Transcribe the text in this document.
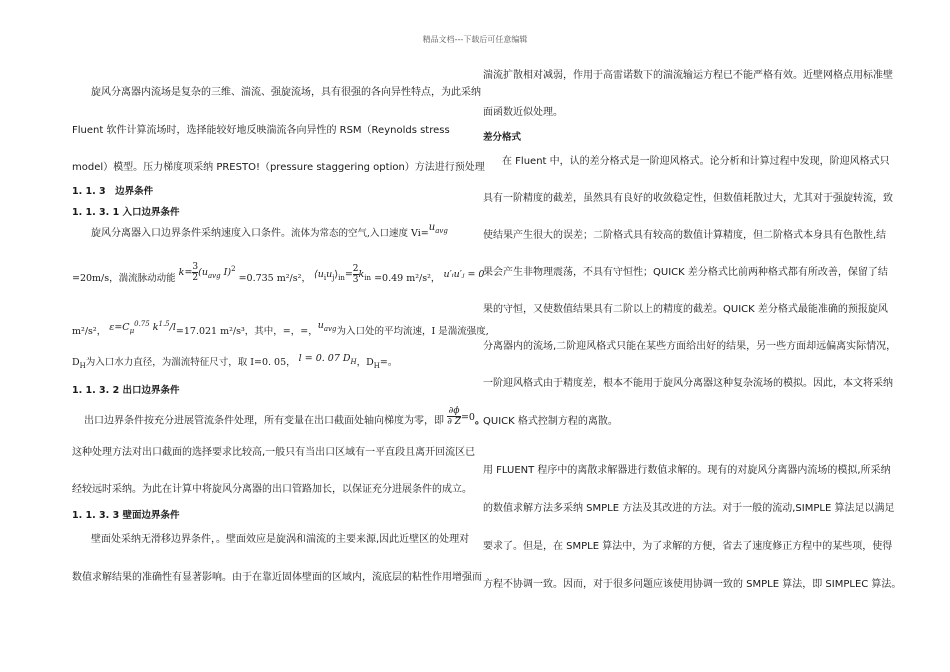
精品文档---下载后可任意编辑
旋风分离器内流场是复杂的三维、湍流、强旋流场，具有很强的各向异性特点，为此采纳
Fluent 软件计算流场时，选择能较好地反映湍流各向异性的 RSM（Reynolds stress
model）模型。压力梯度项采纳 PRESTO!（pressure staggering option）方法进行预处理
1. 1. 3　边界条件
1. 1. 3. 1 入口边界条件
旋风分离器入口边界条件采纳速度入口条件。流体为常态的空气,入口速度 $Vi=u_{avg}$
=20m/s，湍流脉动动能 $k= \frac{3}{2} (u_{avg}$ I)$^2$ =0.735 m²/s²， $⟨u_iu_j⟩_{in}= \frac{2}{3} k_{in} =0.49$ m²/s²， u′ᵢu′ⱼ = 0
m²/s²， $\varepsilon=C_\mu^{0.75}$ $k^{1.5}/l=17.021$ m²/s³，其中，=，=，$u_{avg}$为入口处的平均流速，I 是湍流强度,
$D_H$为入口水力直径，为湍流特征尺寸，取 I=0. 05， l = 0. 07 $D_H$，$D_H=$。
1. 1. 3. 2 出口边界条件
出口边界条件按充分进展管流条件处理，所有变量在出口截面处轴向梯度为零，即 $\frac{\partial\phi}{\partial Z} =0$。
这种处理方法对出口截面的选择要求比较高,一般只有当出口区域有一平直段且离开回流区已
经较远时采纳。为此在计算中将旋风分离器的出口管路加长，以保证充分进展条件的成立。
1. 1. 3. 3 壁面边界条件
壁面处采纳无滑移边界条件，。壁面效应是旋涡和湍流的主要来源,因此近壁区的处理对
数值求解结果的准确性有显著影响。由于在靠近固体壁面的区域内，流底层的粘性作用增强而
湍流扩散相对减弱，作用于高雷诺数下的湍流输运方程已不能严格有效。近壁网格点用标准壁
面函数近似处理。
差分格式
在 Fluent 中，认的差分格式是一阶迎风格式。论分析和计算过程中发现，阶迎风格式只
具有一阶精度的截差，虽然具有良好的收敛稳定性，但数值耗散过大，尤其对于强旋转流，致
使结果产生很大的误差；二阶格式具有较高的数值计算精度，但二阶格式本身具有色散性,结
果会产生非物理震荡，不具有守恒性；QUICK 差分格式比前两种格式都有所改善，保留了结
果的守恒，又使数值结果具有二阶以上的精度的截差。QUICK 差分格式最能准确的预报旋风
分离器内的流场,二阶迎风格式只能在某些方面给出好的结果，另一些方面却远偏离实际情况，
一阶迎风格式由于精度差，根本不能用于旋风分离器这种复杂流场的模拟。因此，本文将采纳
QUICK 格式控制方程的离散。
用 FLUENT 程序中的离散求解器进行数值求解的。现有的对旋风分离器内流场的模拟,所采纳
的数值求解方法多采纳 SMPLE 方法及其改进的方法。对于一般的流动,SIMPLE 算法足以满足
要求了。但是，在 SMPLE 算法中，为了求解的方便，省去了速度修正方程中的某些项，使得
方程不协调一致。因而，对于很多问题应该使用协调一致的 SMPLE 算法，即 SIMPLEC 算法。
